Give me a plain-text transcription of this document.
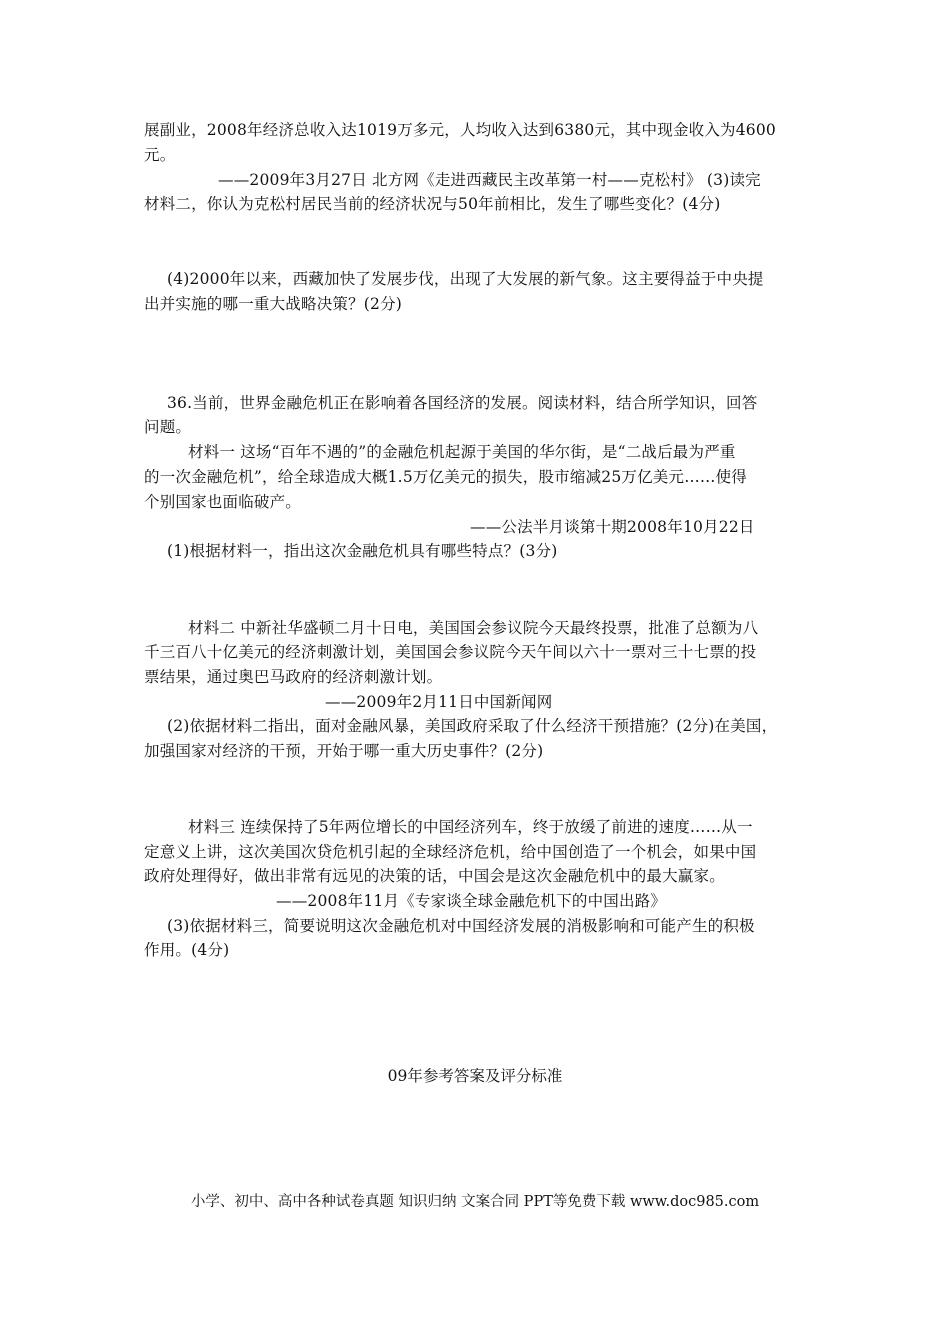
展副业，2008年经济总收入达1019万多元，人均收入达到6380元，其中现金收入为4600
元。
——2009年3月27日 北方网《走进西藏民主改革第一村——克松村》 (3)读完
材料二，你认为克松村居民当前的经济状况与50年前相比，发生了哪些变化？(4分)
(4)2000年以来，西藏加快了发展步伐，出现了大发展的新气象。这主要得益于中央提
出并实施的哪一重大战略决策？(2分)
36.当前，世界金融危机正在影响着各国经济的发展。阅读材料，结合所学知识，回答
问题。
材料一 这场“百年不遇的”的金融危机起源于美国的华尔街，是“二战后最为严重
的一次金融危机”，给全球造成大概1.5万亿美元的损失，股市缩减25万亿美元……使得
个别国家也面临破产。
——公法半月谈第十期2008年10月22日
(1)根据材料一，指出这次金融危机具有哪些特点？(3分)
材料二 中新社华盛顿二月十日电，美国国会参议院今天最终投票，批准了总额为八
千三百八十亿美元的经济刺激计划，美国国会参议院今天午间以六十一票对三十七票的投
票结果，通过奥巴马政府的经济刺激计划。
——2009年2月11日中国新闻网
(2)依据材料二指出，面对金融风暴，美国政府采取了什么经济干预措施？(2分)在美国，
加强国家对经济的干预，开始于哪一重大历史事件？(2分)
材料三 连续保持了5年两位增长的中国经济列车，终于放缓了前进的速度……从一
定意义上讲，这次美国次贷危机引起的全球经济危机，给中国创造了一个机会，如果中国
政府处理得好，做出非常有远见的决策的话，中国会是这次金融危机中的最大赢家。
——2008年11月《专家谈全球金融危机下的中国出路》
(3)依据材料三，简要说明这次金融危机对中国经济发展的消极影响和可能产生的积极
作用。(4分)
09年参考答案及评分标准
小学、初中、高中各种试卷真题 知识归纳 文案合同 PPT等免费下载 www.doc985.com
